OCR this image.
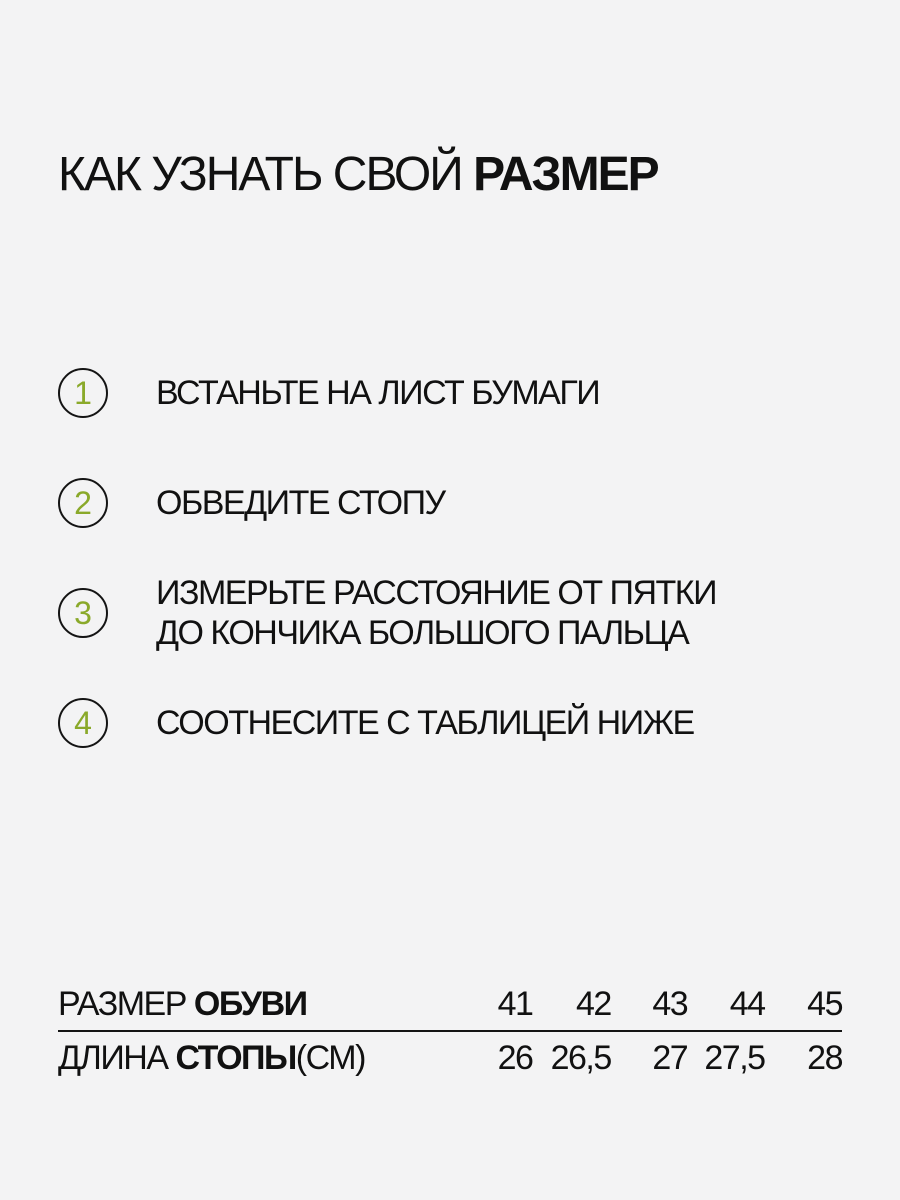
КАК УЗНАТЬ СВОЙ РАЗМЕР
1	ВСТАНЬТЕ НА ЛИСТ БУМАГИ
2	ОБВЕДИТЕ СТОПУ
3
ИЗМЕРЬТЕ РАССТОЯНИЕ ОТ ПЯТКИ
ДО КОНЧИКА БОЛЬШОГО ПАЛЬЦА
4	СООТНЕСИТЕ С ТАБЛИЦЕЙ НИЖЕ
РАЗМЕР ОБУВИ	41	42	43	44	45
ДЛИНА СТОПЫ(СМ)	26	26,5	27	27,5	28
